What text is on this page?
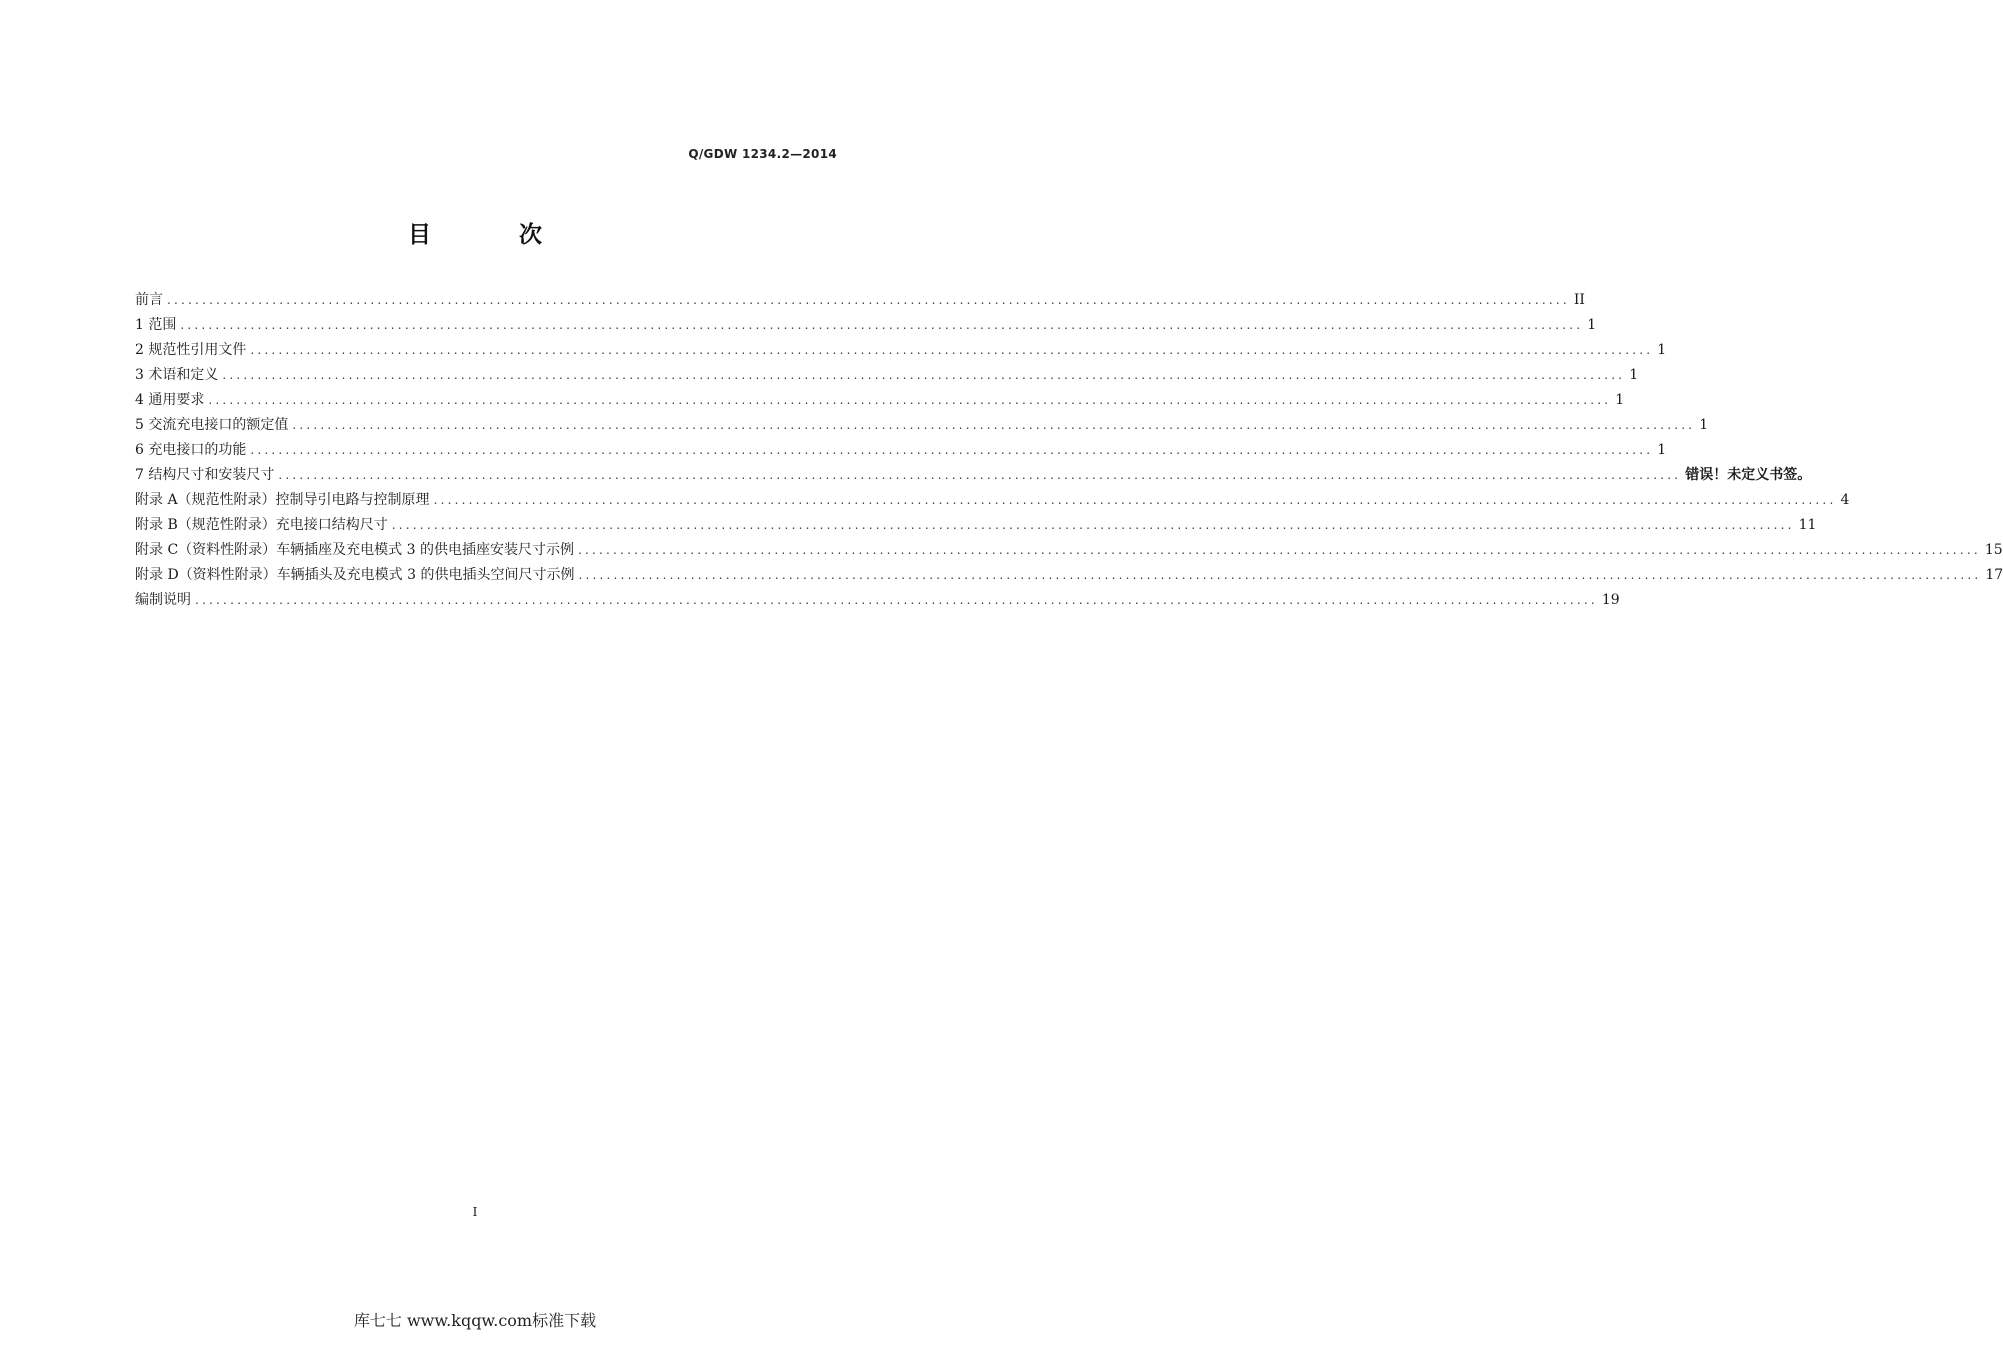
Q/GDW 1234.2—2014
目	次
前言 ........................................................................................................................................................................................................ II
1 范围 ........................................................................................................................................................................................................ 1
2 规范性引用文件 ........................................................................................................................................................................................................ 1
3 术语和定义 ........................................................................................................................................................................................................ 1
4 通用要求 ........................................................................................................................................................................................................ 1
5 交流充电接口的额定值 ........................................................................................................................................................................................................ 1
6 充电接口的功能 ........................................................................................................................................................................................................ 1
7 结构尺寸和安装尺寸 ........................................................................................................................................................................................................ 错误！未定义书签。
附录 A（规范性附录）控制导引电路与控制原理 ........................................................................................................................................................................................................ 4
附录 B（规范性附录）充电接口结构尺寸 ........................................................................................................................................................................................................ 11
附录 C（资料性附录）车辆插座及充电模式 3 的供电插座安装尺寸示例 ........................................................................................................................................................................................................ 15
附录 D（资料性附录）车辆插头及充电模式 3 的供电插头空间尺寸示例 ........................................................................................................................................................................................................ 17
编制说明 ........................................................................................................................................................................................................ 19
I
库七七 www.kqqw.com标准下载
